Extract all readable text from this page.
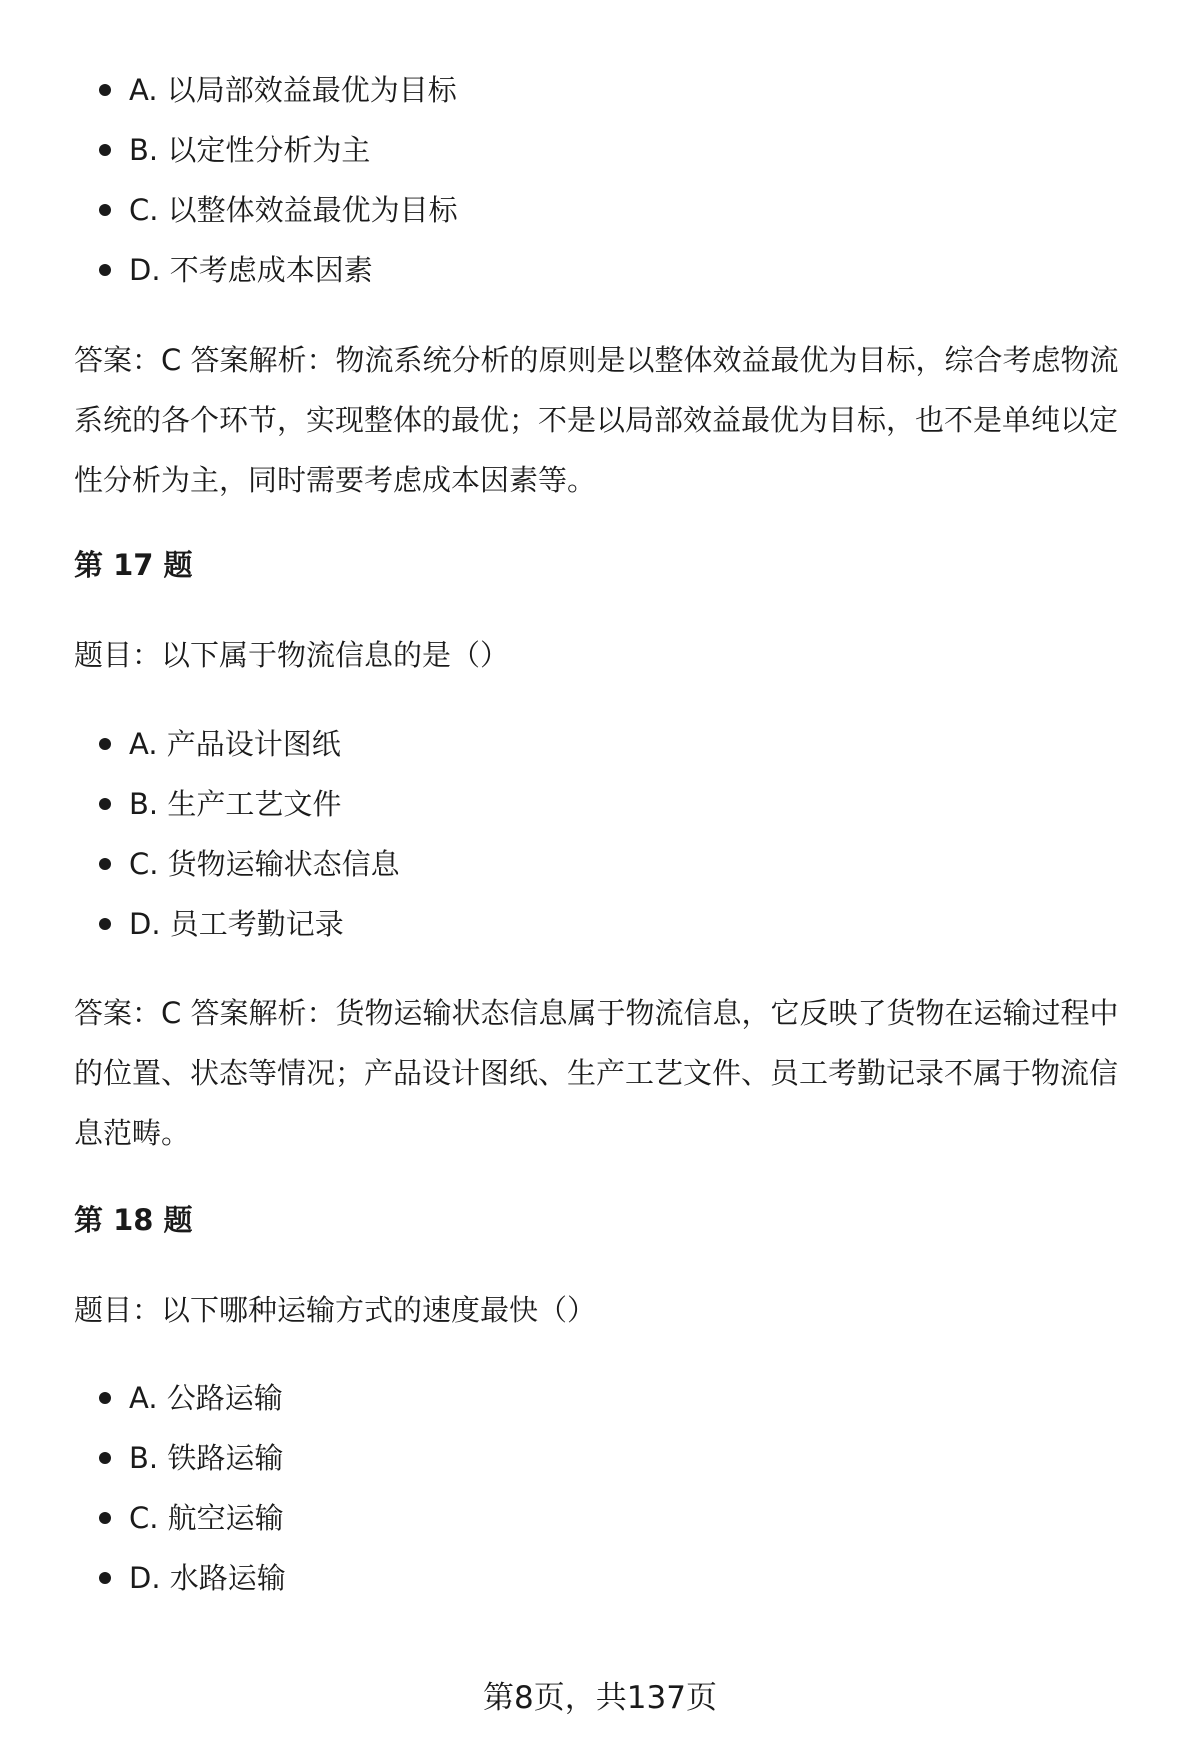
A. 以局部效益最优为目标
B. 以定性分析为主
C. 以整体效益最优为目标
D. 不考虑成本因素

答案：C 答案解析：物流系统分析的原则是以整体效益最优为目标，综合考虑物流系统的各个环节，实现整体的最优；不是以局部效益最优为目标，也不是单纯以定性分析为主，同时需要考虑成本因素等。

第 17 题

题目：以下属于物流信息的是（）

A. 产品设计图纸
B. 生产工艺文件
C. 货物运输状态信息
D. 员工考勤记录

答案：C 答案解析：货物运输状态信息属于物流信息，它反映了货物在运输过程中的位置、状态等情况；产品设计图纸、生产工艺文件、员工考勤记录不属于物流信息范畴。

第 18 题

题目：以下哪种运输方式的速度最快（）

A. 公路运输
B. 铁路运输
C. 航空运输
D. 水路运输
第8页，共137页
